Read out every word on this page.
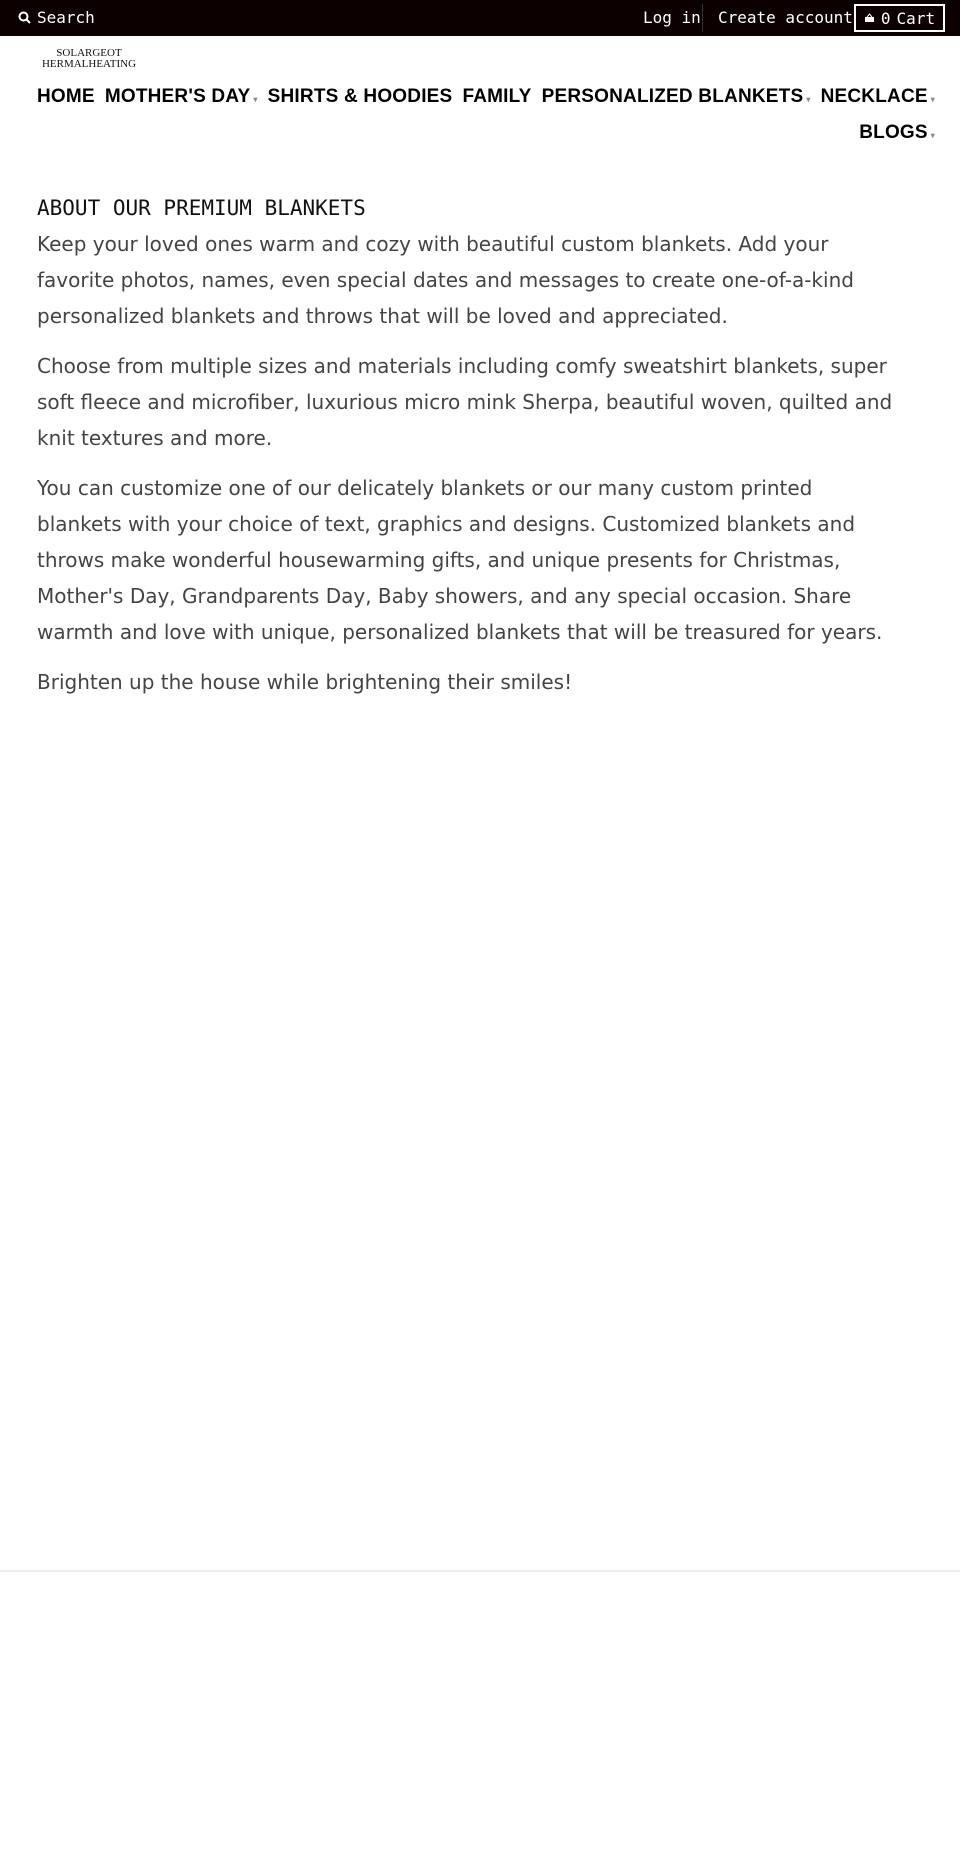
Search	Log in Create account 0 Cart
SOLARGEOT
HERMALHEATING
HOME MOTHER'S DAY ▾ SHIRTS & HOODIES FAMILY PERSONALIZED BLANKETS ▾ NECKLACE ▾
BLOGS ▾
ABOUT OUR PREMIUM BLANKETS

Keep your loved ones warm and cozy with beautiful custom blankets. Add your favorite photos, names, even special dates and messages to create one-of-a-kind personalized blankets and throws that will be loved and appreciated.

Choose from multiple sizes and materials including comfy sweatshirt blankets, super soft fleece and microfiber, luxurious micro mink Sherpa, beautiful woven, quilted and knit textures and more.

You can customize one of our delicately blankets or our many custom printed blankets with your choice of text, graphics and designs. Customized blankets and throws make wonderful housewarming gifts, and unique presents for Christmas, Mother's Day, Grandparents Day, Baby showers, and any special occasion. Share warmth and love with unique, personalized blankets that will be treasured for years.

Brighten up the house while brightening their smiles!
